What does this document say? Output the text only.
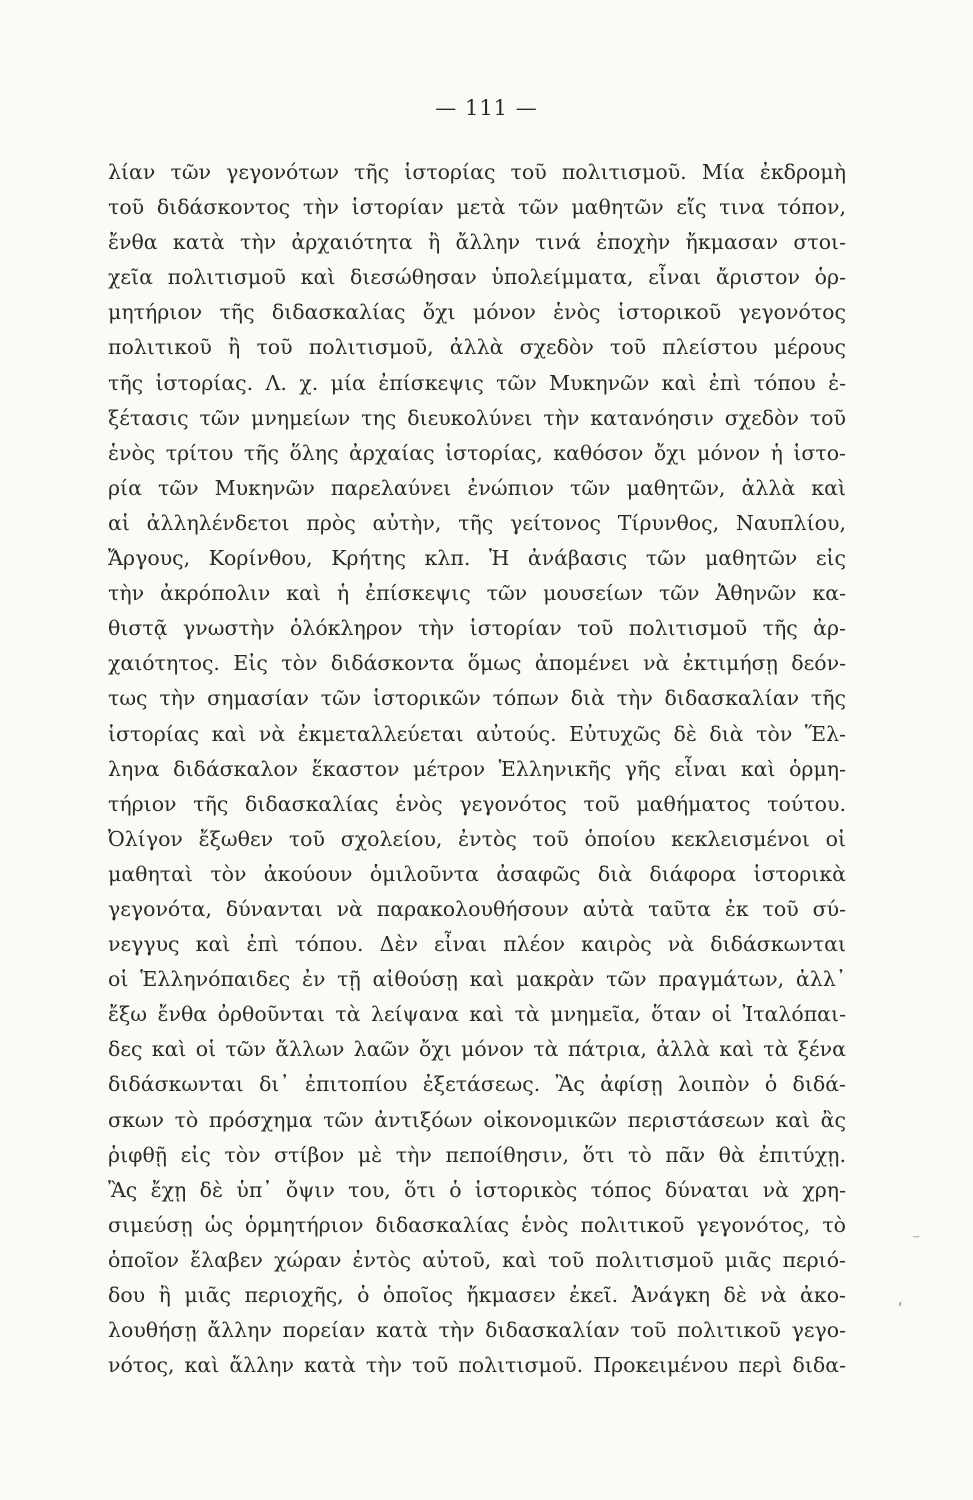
— 111 —
λίαν τῶν γεγονότων τῆς ἱστορίας τοῦ πολιτισμοῦ. Μία ἐκδρομὴ
τοῦ διδάσκοντος τὴν ἱστορίαν μετὰ τῶν μαθητῶν εἴς τινα τόπον,
ἔνθα κατὰ τὴν ἀρχαιότητα ἢ ἄλλην τινά ἐποχὴν ἤκμασαν στοι-
χεῖα πολιτισμοῦ καὶ διεσώθησαν ὑπολείμματα, εἶναι ἄριστον ὁρ-
μητήριον τῆς διδασκαλίας ὄχι μόνον ἑνὸς ἱστορικοῦ γεγονότος
πολιτικοῦ ἢ τοῦ πολιτισμοῦ, ἀλλὰ σχεδὸν τοῦ πλείστου μέρους
τῆς ἱστορίας. Λ. χ. μία ἐπίσκεψις τῶν Μυκηνῶν καὶ ἐπὶ τόπου ἐ-
ξέτασις τῶν μνημείων της διευκολύνει τὴν κατανόησιν σχεδὸν τοῦ
ἑνὸς τρίτου τῆς ὅλης ἀρχαίας ἱστορίας, καθόσον ὄχι μόνον ἡ ἱστο-
ρία τῶν Μυκηνῶν παρελαύνει ἐνώπιον τῶν μαθητῶν, ἀλλὰ καὶ
αἱ ἀλληλένδετοι πρὸς αὐτὴν, τῆς γείτονος Τίρυνθος, Ναυπλίου,
Ἄργους, Κορίνθου, Κρήτης κλπ. Ἡ ἀνάβασις τῶν μαθητῶν εἰς
τὴν ἀκρόπολιν καὶ ἡ ἐπίσκεψις τῶν μουσείων τῶν Ἀθηνῶν κα-
θιστᾷ γνωστὴν ὁλόκληρον τὴν ἱστορίαν τοῦ πολιτισμοῦ τῆς ἀρ-
χαιότητος. Εἰς τὸν διδάσκοντα ὅμως ἀπομένει νὰ ἐκτιμήσῃ δεόν-
τως τὴν σημασίαν τῶν ἱστορικῶν τόπων διὰ τὴν διδασκαλίαν τῆς
ἱστορίας καὶ νὰ ἐκμεταλλεύεται αὐτούς. Εὐτυχῶς δὲ διὰ τὸν Ἕλ-
ληνα διδάσκαλον ἕκαστον μέτρον Ἑλληνικῆς γῆς εἶναι καὶ ὁρμη-
τήριον τῆς διδασκαλίας ἑνὸς γεγονότος τοῦ μαθήματος τούτου.
Ὀλίγον ἔξωθεν τοῦ σχολείου, ἐντὸς τοῦ ὁποίου κεκλεισμένοι οἱ
μαθηταὶ τὸν ἀκούουν ὁμιλοῦντα ἀσαφῶς διὰ διάφορα ἱστορικὰ
γεγονότα, δύνανται νὰ παρακολουθήσουν αὐτὰ ταῦτα ἐκ τοῦ σύ-
νεγγυς καὶ ἐπὶ τόπου. Δὲν εἶναι πλέον καιρὸς νὰ διδάσκωνται
οἱ Ἑλληνόπαιδες ἐν τῇ αἰθούσῃ καὶ μακρὰν τῶν πραγμάτων, ἀλλ᾿
ἔξω ἔνθα ὀρθοῦνται τὰ λείψανα καὶ τὰ μνημεῖα, ὅταν οἱ Ἰταλόπαι-
δες καὶ οἱ τῶν ἄλλων λαῶν ὄχι μόνον τὰ πάτρια, ἀλλὰ καὶ τὰ ξένα
διδάσκωνται δι᾿ ἐπιτοπίου ἐξετάσεως. Ἂς ἀφίσῃ λοιπὸν ὁ διδά-
σκων τὸ πρόσχημα τῶν ἀντιξόων οἰκονομικῶν περιστάσεων καὶ ἂς
ῥιφθῇ εἰς τὸν στίβον μὲ τὴν πεποίθησιν, ὅτι τὸ πᾶν θὰ ἐπιτύχῃ.
Ἂς ἔχῃ δὲ ὑπ᾿ ὄψιν του, ὅτι ὁ ἱστορικὸς τόπος δύναται νὰ χρη-
σιμεύσῃ ὡς ὁρμητήριον διδασκαλίας ἑνὸς πολιτικοῦ γεγονότος, τὸ
ὁποῖον ἔλαβεν χώραν ἐντὸς αὐτοῦ, καὶ τοῦ πολιτισμοῦ μιᾶς περιό-
δου ἢ μιᾶς περιοχῆς, ὁ ὁποῖος ἤκμασεν ἐκεῖ. Ἀνάγκη δὲ νὰ ἀκο-
λουθήσῃ ἄλλην πορείαν κατὰ τὴν διδασκαλίαν τοῦ πολιτικοῦ γεγο-
νότος, καὶ ἄλλην κατὰ τὴν τοῦ πολιτισμοῦ. Προκειμένου περὶ διδα-
⁻
ʹ
